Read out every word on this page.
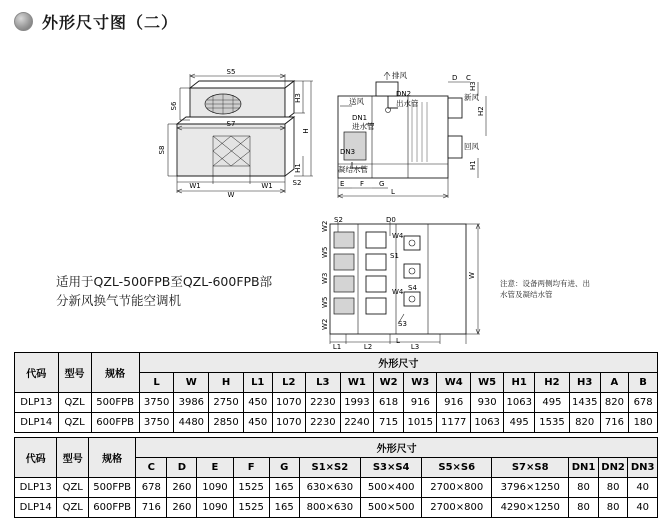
外形尺寸图（二）
S5
S6
S7
S8
W1	W1
W
H3
H
H1
S2
排风
送风	新风
回风
DN2
出水管
DN1
进水管
DN3
凝结水管
E F G
L
H3
H2
H1
C
D
S2	D0
W2
W5
W3
W5
W2
W4
W4 S4
S3
S1
W
L1	L2	L3
L
适用于QZL-500FPB至QZL-600FPB部
分新风换气节能空调机
注意：设备两侧均有进、出
水管及凝结水管
代码	型号	规格	外形尺寸															
			L	W	H	L1	L2	L3	W1	W2	W3	W4	W5	H1	H2	H3	A	B
DLP13	QZL	500FPB	3750	3986	2750	450	1070	2230	1993	618	916	916	930	1063	495	1435	820	678
DLP14	QZL	600FPB	3750	4480	2850	450	1070	2230	2240	715	1015	1177	1063	495	1535	820	716	180
代码	型号	规格	外形尺寸											
			C	D	E	F	G	S1×S2	S3×S4	S5×S6	S7×S8	DN1	DN2	DN3
DLP13	QZL	500FPB	678	260	1090	1525	165	630×630	500×400	2700×800	3796×1250	80	80	40
DLP14	QZL	600FPB	716	260	1090	1525	165	800×630	500×500	2700×800	4290×1250	80	80	40
